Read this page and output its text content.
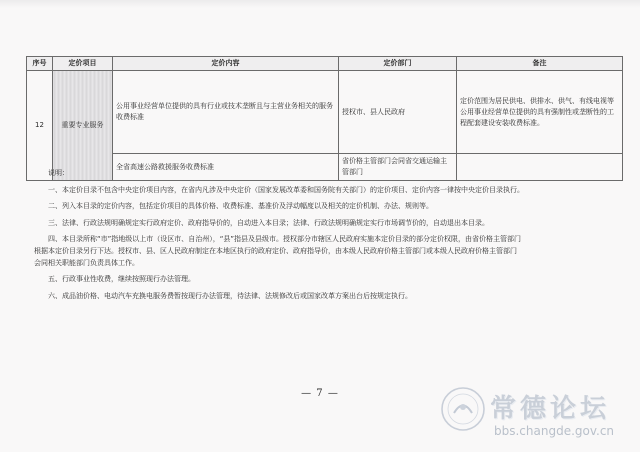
序号	定价项目	定价内容	定价部门	备注
12	重要专业服务	公用事业经营单位提供的具有行业或技术垄断且与主营业务相关的服务收费标准	授权市、县人民政府	定价范围为居民供电、供排水、供气、有线电视等公用事业经营单位提供的具有强制性或垄断性的工程配套建设安装收费标准。
		全省高速公路救援服务收费标准	省价格主管部门会同省交通运输主管部门	

说明：

一、本定价目录不包含中央定价项目内容，在省内凡涉及中央定价（国家发展改革委和国务院有关部门）的定价项目、定价内容一律按中央定价目录执行。

二、列入本目录的定价内容，包括定价项目的具体价格、收费标准、基准价及浮动幅度以及相关的定价机制、办法、规则等。

三、法律、行政法规明确规定实行政府定价、政府指导价的，自动进入本目录；法律、行政法规明确规定实行市场调节价的，自动退出本目录。

四、本目录所称“市”指地级以上市（设区市、自治州），“县”指县及县级市。授权部分市辖区人民政府实施本定价目录的部分定价权限，由省价格主管部门

根据本定价目录另行下达。授权市、县、区人民政府制定在本地区执行的政府定价、政府指导价，由本级人民政府价格主管部门或本级人民政府价格主管部门

会同相关职能部门负责具体工作。

五、行政事业性收费，继续按照现行办法管理。

六、成品油价格、电动汽车充换电服务费暂按现行办法管理，待法律、法规修改后或国家改革方案出台后按规定执行。

— 7 —
常德论坛
bbs.changde.gov.cn
